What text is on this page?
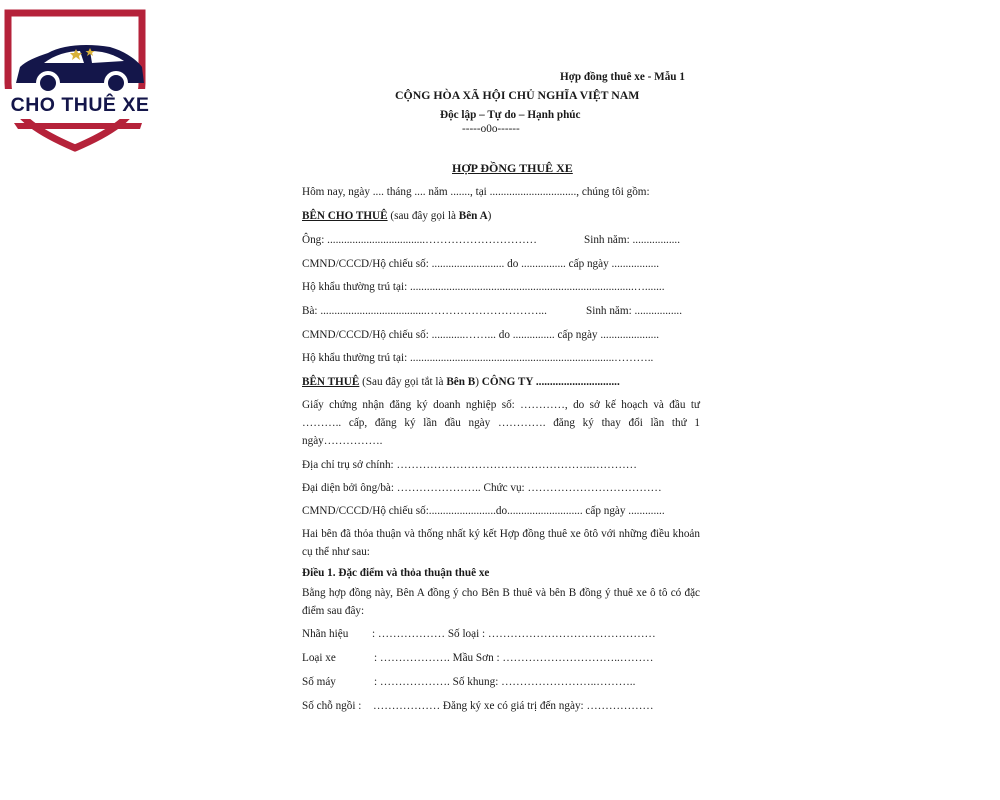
CHO THUÊ XE
Hợp đồng thuê xe - Mẫu 1
CỘNG HÒA XÃ HỘI CHỦ NGHĨA VIỆT NAM
Độc lập – Tự do – Hạnh phúc
-----o0o------
HỢP ĐỒNG THUÊ XE
Hôm nay, ngày .... tháng .... năm ......., tại ..............................., chúng tôi gồm:
BÊN CHO THUÊ (sau đây gọi là Bên A)
Ông: ...................................…………………………	Sinh năm: .................
CMND/CCCD/Hộ chiếu số: .......................... do ................ cấp ngày .................
Hộ khẩu thường trú tại: ................................................................................….......
Bà: ......................................…………………………...	Sinh năm: .................
CMND/CCCD/Hộ chiếu số: ............……... do ............... cấp ngày .....................
Hộ khẩu thường trú tại: .........................................................................………..
BÊN THUÊ (Sau đây gọi tắt là Bên B) CÔNG TY ..............................
Giấy chứng nhận đăng ký doanh nghiệp số: …………, do sở kế hoạch và đầu tư ……….. cấp, đăng ký lần đầu ngày …………. đăng ký thay đổi lần thứ 1 ngày…………….
Địa chỉ trụ sở chính: ……………………………………………..…………
Đại diện bởi ông/bà: ………………….. Chức vụ: ………………………………
CMND/CCCD/Hộ chiếu số:........................do........................... cấp ngày .............
Hai bên đã thỏa thuận và thống nhất ký kết Hợp đồng thuê xe ôtô với những điều khoản cụ thể như sau:
Điều 1. Đặc điểm và thỏa thuận thuê xe
Bằng hợp đồng này, Bên A đồng ý cho Bên B thuê và bên B đồng ý thuê xe ô tô có đặc điểm sau đây:
Nhãn hiệu : ……………… Số loại : ………………………………………
Loại xe	: ………………. Mầu Sơn : …………………………..………
Số máy	: ………………. Số khung: ……………………..………..
Số chỗ ngồi : ……………… Đăng ký xe có giá trị đến ngày: ………………
